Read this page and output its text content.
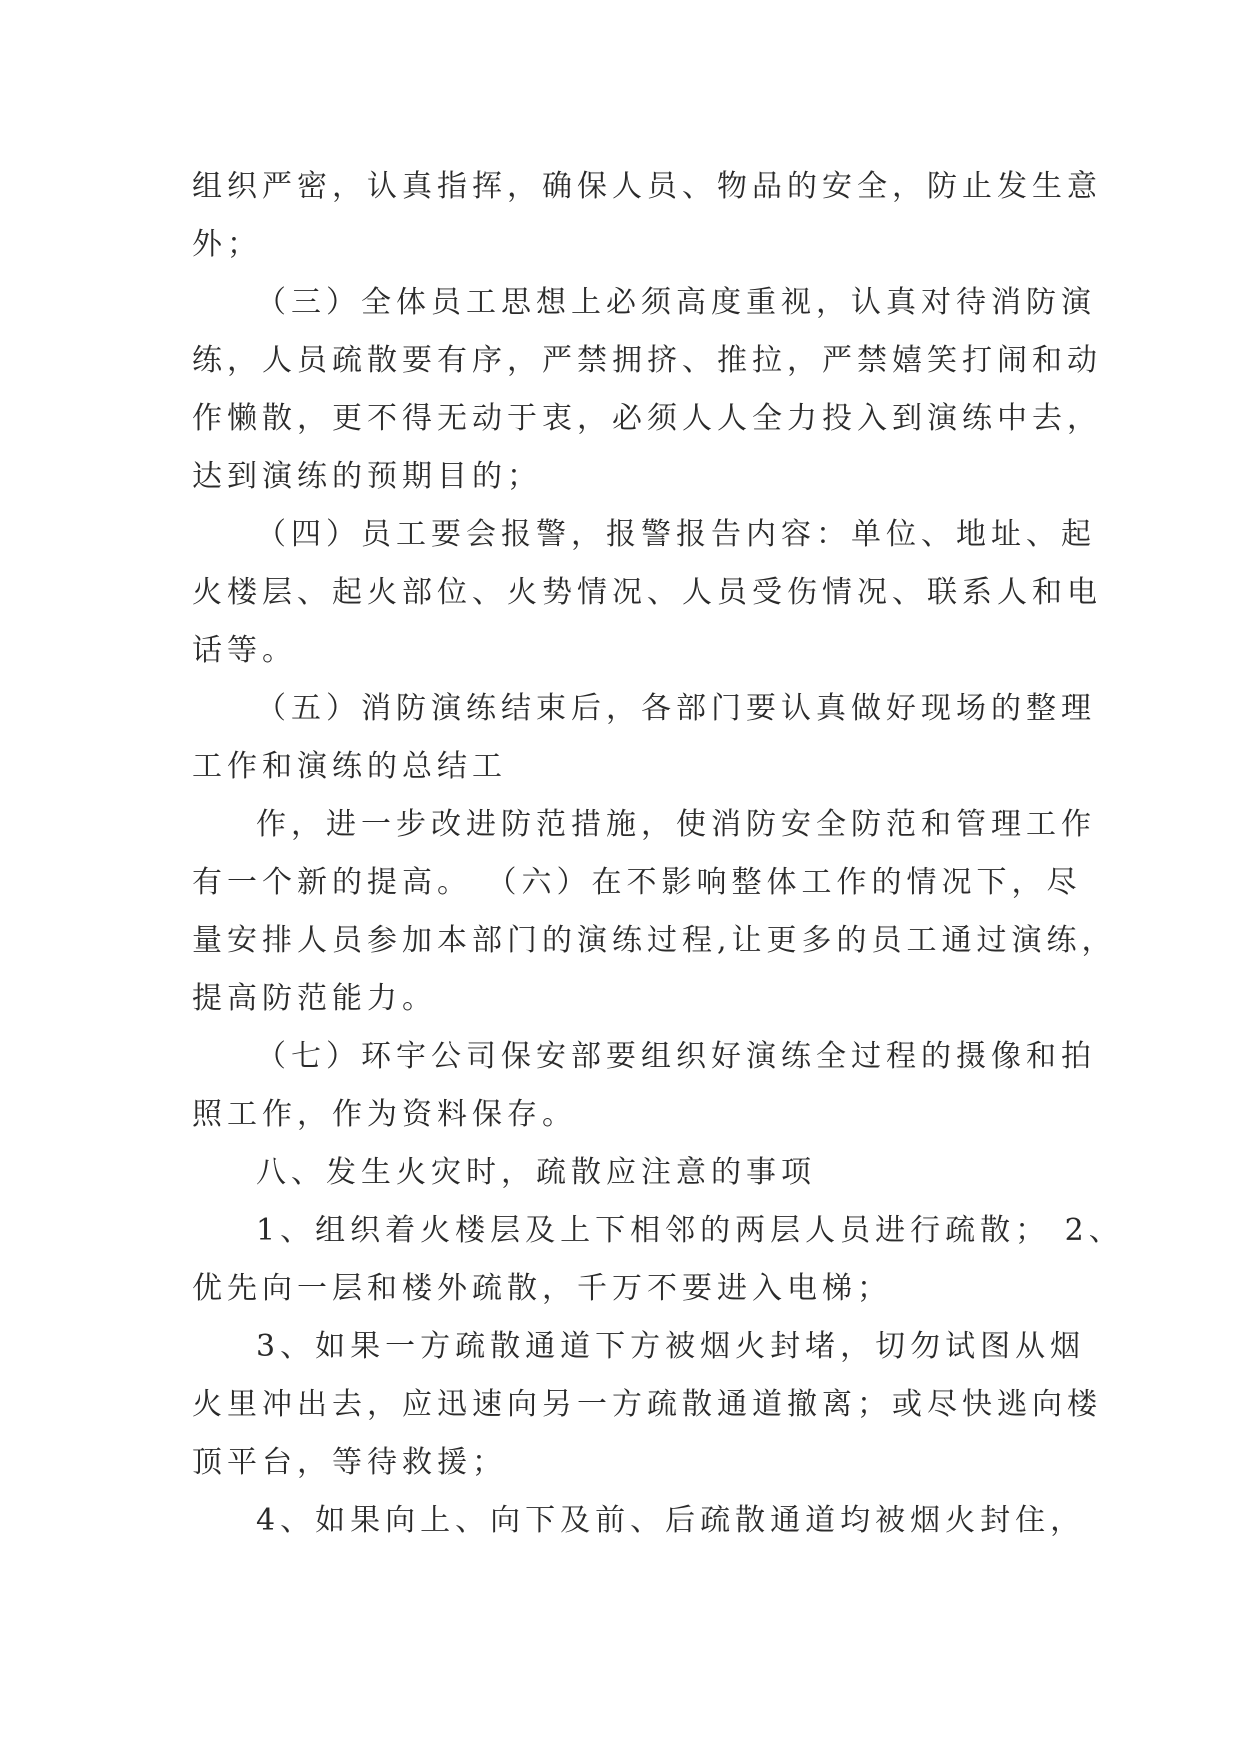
组织严密，认真指挥，确保人员、物品的安全，防止发生意
外；
（三）全体员工思想上必须高度重视，认真对待消防演
练，人员疏散要有序，严禁拥挤、推拉，严禁嬉笑打闹和动
作懒散，更不得无动于衷，必须人人全力投入到演练中去，
达到演练的预期目的；
（四）员工要会报警，报警报告内容：单位、地址、起
火楼层、起火部位、火势情况、人员受伤情况、联系人和电
话等。
（五）消防演练结束后，各部门要认真做好现场的整理
工作和演练的总结工
作，进一步改进防范措施，使消防安全防范和管理工作
有一个新的提高。 （六）在不影响整体工作的情况下，尽
量安排人员参加本部门的演练过程,让更多的员工通过演练，
提高防范能力。
（七）环宇公司保安部要组织好演练全过程的摄像和拍
照工作，作为资料保存。
八、发生火灾时，疏散应注意的事项
1、组织着火楼层及上下相邻的两层人员进行疏散； 2、
优先向一层和楼外疏散，千万不要进入电梯；
3、如果一方疏散通道下方被烟火封堵，切勿试图从烟
火里冲出去，应迅速向另一方疏散通道撤离；或尽快逃向楼
顶平台，等待救援；
4、如果向上、向下及前、后疏散通道均被烟火封住，
